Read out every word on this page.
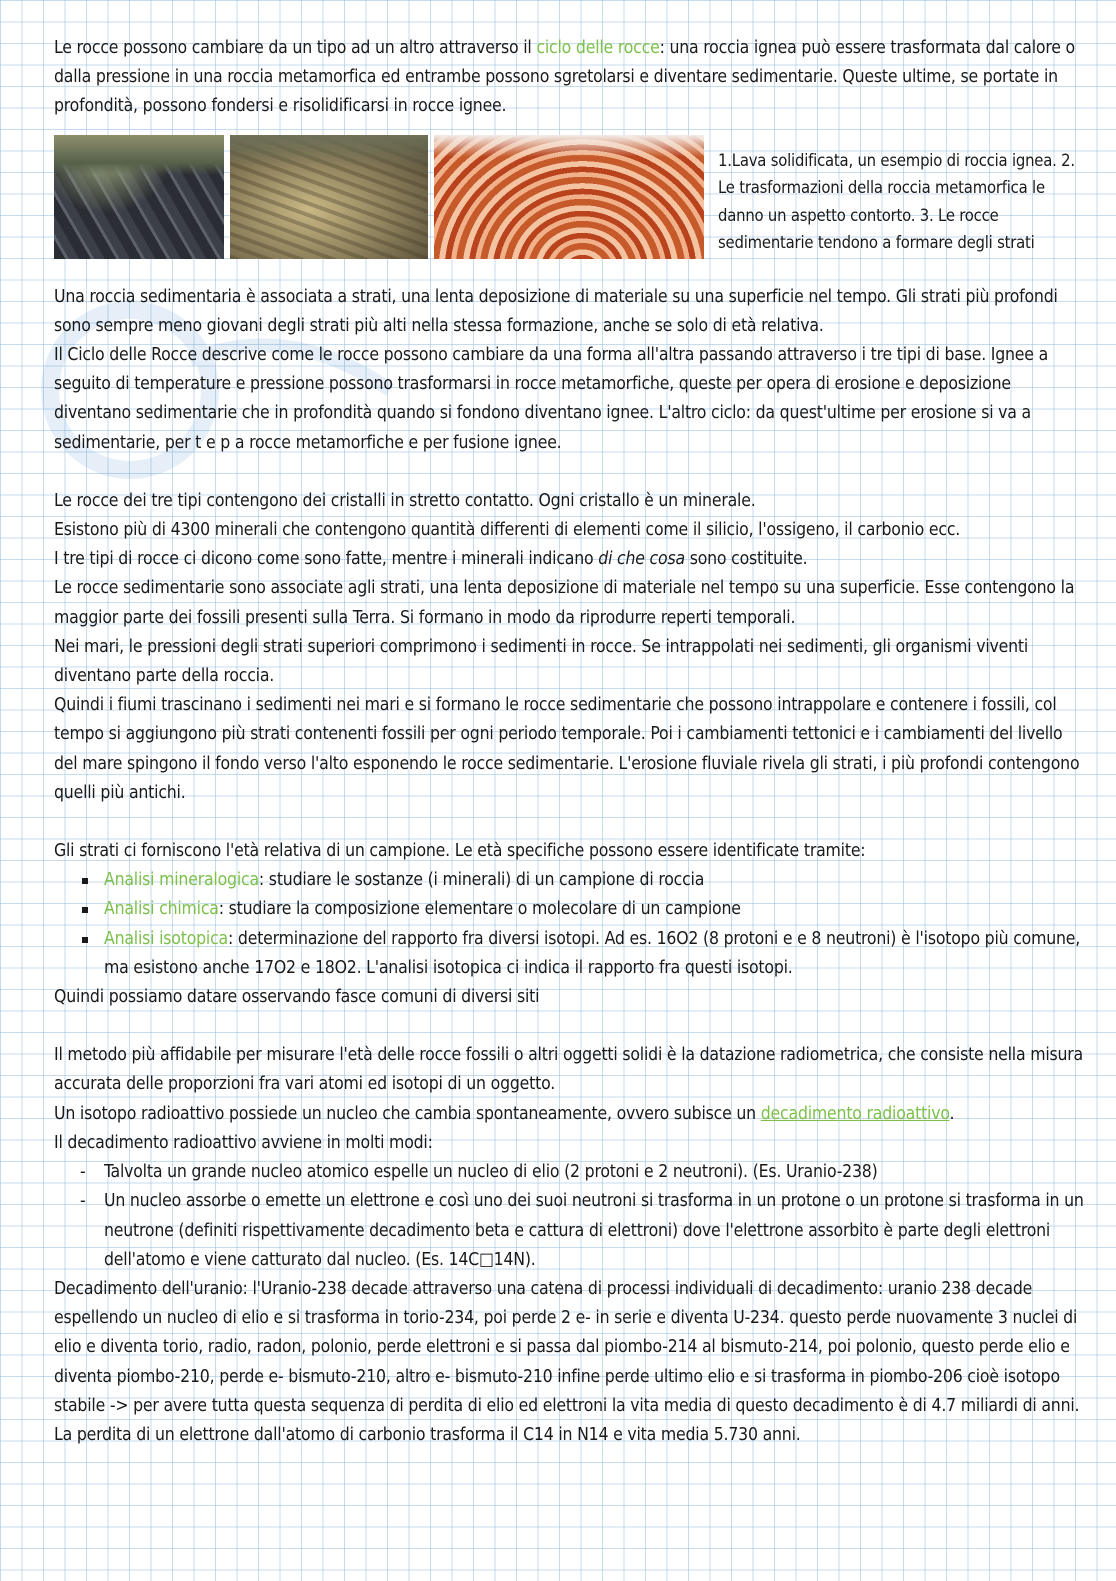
Le rocce possono cambiare da un tipo ad un altro attraverso il ciclo delle rocce: una roccia ignea può essere trasformata dal calore o dalla pressione in una roccia metamorfica ed entrambe possono sgretolarsi e diventare sedimentarie. Queste ultime, se portate in profondità, possono fondersi e risolidificarsi in rocce ignee.

1.Lava solidificata, un esempio di roccia ignea. 2. Le trasformazioni della roccia metamorfica le danno un aspetto contorto. 3. Le rocce sedimentarie tendono a formare degli strati

Una roccia sedimentaria è associata a strati, una lenta deposizione di materiale su una superficie nel tempo. Gli strati più profondi sono sempre meno giovani degli strati più alti nella stessa formazione, anche se solo di età relativa.

Il Ciclo delle Rocce descrive come le rocce possono cambiare da una forma all'altra passando attraverso i tre tipi di base. Ignee a seguito di temperature e pressione possono trasformarsi in rocce metamorfiche, queste per opera di erosione e deposizione diventano sedimentarie che in profondità quando si fondono diventano ignee. L'altro ciclo: da quest'ultime per erosione si va a sedimentarie, per t e p a rocce metamorfiche e per fusione ignee.

Le rocce dei tre tipi contengono dei cristalli in stretto contatto. Ogni cristallo è un minerale.

Esistono più di 4300 minerali che contengono quantità differenti di elementi come il silicio, l'ossigeno, il carbonio ecc.

I tre tipi di rocce ci dicono come sono fatte, mentre i minerali indicano di che cosa sono costituite.

Le rocce sedimentarie sono associate agli strati, una lenta deposizione di materiale nel tempo su una superficie. Esse contengono la maggior parte dei fossili presenti sulla Terra. Si formano in modo da riprodurre reperti temporali.

Nei mari, le pressioni degli strati superiori comprimono i sedimenti in rocce. Se intrappolati nei sedimenti, gli organismi viventi diventano parte della roccia.

Quindi i fiumi trascinano i sedimenti nei mari e si formano le rocce sedimentarie che possono intrappolare e contenere i fossili, col tempo si aggiungono più strati contenenti fossili per ogni periodo temporale. Poi i cambiamenti tettonici e i cambiamenti del livello del mare spingono il fondo verso l'alto esponendo le rocce sedimentarie. L'erosione fluviale rivela gli strati, i più profondi contengono quelli più antichi.

Gli strati ci forniscono l'età relativa di un campione. Le età specifiche possono essere identificate tramite:

Analisi mineralogica: studiare le sostanze (i minerali) di un campione di roccia
Analisi chimica: studiare la composizione elementare o molecolare di un campione
Analisi isotopica: determinazione del rapporto fra diversi isotopi. Ad es. 16O2 (8 protoni e e 8 neutroni) è l'isotopo più comune, ma esistono anche 17O2 e 18O2. L'analisi isotopica ci indica il rapporto fra questi isotopi.

Quindi possiamo datare osservando fasce comuni di diversi siti

Il metodo più affidabile per misurare l'età delle rocce fossili o altri oggetti solidi è la datazione radiometrica, che consiste nella misura accurata delle proporzioni fra vari atomi ed isotopi di un oggetto.

Un isotopo radioattivo possiede un nucleo che cambia spontaneamente, ovvero subisce un decadimento radioattivo.

Il decadimento radioattivo avviene in molti modi:

- Talvolta un grande nucleo atomico espelle un nucleo di elio (2 protoni e 2 neutroni). (Es. Uranio-238)
- Un nucleo assorbe o emette un elettrone e così uno dei suoi neutroni si trasforma in un protone o un protone si trasforma in un neutrone (definiti rispettivamente decadimento beta e cattura di elettroni) dove l'elettrone assorbito è parte degli elettroni dell'atomo e viene catturato dal nucleo. (Es. 14C□14N).

Decadimento dell'uranio: l'Uranio-238 decade attraverso una catena di processi individuali di decadimento: uranio 238 decade espellendo un nucleo di elio e si trasforma in torio-234, poi perde 2 e- in serie e diventa U-234. questo perde nuovamente 3 nuclei di elio e diventa torio, radio, radon, polonio, perde elettroni e si passa dal piombo-214 al bismuto-214, poi polonio, questo perde elio e diventa piombo-210, perde e- bismuto-210, altro e- bismuto-210 infine perde ultimo elio e si trasforma in piombo-206 cioè isotopo stabile -> per avere tutta questa sequenza di perdita di elio ed elettroni la vita media di questo decadimento è di 4.7 miliardi di anni.

La perdita di un elettrone dall'atomo di carbonio trasforma il C14 in N14 e vita media 5.730 anni.
